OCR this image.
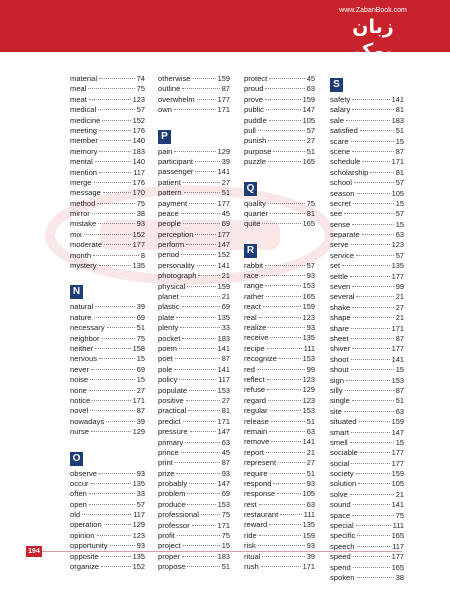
www.ZabanBook.com
زبان بوک
material	74
meal	75
meat	123
medical	57
medicine	152
meeting	176
member	140
memory	183
mental	140
mention	117
merge	176
message	170
method	75
mirror	38
mistake	93
mix	152
moderate	177
month	8
mystery	135
N
natural	39
nature	69
necessary	51
neighbor	75
neither	158
nervous	15
never	69
noise	15
none	27
notice	171
novel	87
nowadays	39
nurse	129
O
observe	93
occur	135
often	33
open	57
old	117
operation	129
opinion	123
opportunity	93
opposite	135
organize	152
otherwise	159
outline	87
overwhelm	177
own	171
P
pain	129
participant	39
passenger	141
patient	27
pattern	51
payment	177
peace	45
people	69
perception	177
perform	147
period	152
personality	141
photograph	21
physical	159
planet	21
plastic	69
plate	135
plenty	33
pocket	183
poem	141
poet	87
pole	141
policy	117
populate	153
positive	27
practical	81
predict	171
pressure	147
primary	63
prince	45
print	87
prize	93
probably	147
problem	69
produce	153
professional	75
professor	171
profit	75
project	15
proper	183
propose	51
protect	45
proud	63
prove	159
public	147
puddle	105
pull	57
punish	27
purpose	51
puzzle	165
Q
quality	75
quarter	81
quite	165
R
rabbit	57
race	93
range	153
rather	165
react	159
real	123
realize	93
receive	135
recipe	111
recognize	153
red	99
reflect	123
refuse	129
regard	123
regular	153
release	51
remain	63
remove	141
report	21
represent	27
require	51
respond	93
response	105
rest	63
restaurant	111
reward	135
ride	159
risk	93
ritual	39
rush	171
S
safety	141
salary	81
sale	183
satisfied	51
scare	15
scene	87
schedule	171
scholarship	81
school	57
season	105
secret	15
see	57
sense	15
separate	63
serve	123
service	57
set	135
settle	177
seven	99
several	21
shake	27
shape	21
share	171
sheet	87
shiver	177
shoot	141
shout	15
sign	153
silly	87
single	51
site	63
situated	159
smart	147
smell	15
sociable	177
social	177
society	159
solution	105
solve	21
sound	141
space	75
special	111
specific	165
speech	117
speed	177
spend	165
spoken	38
194
